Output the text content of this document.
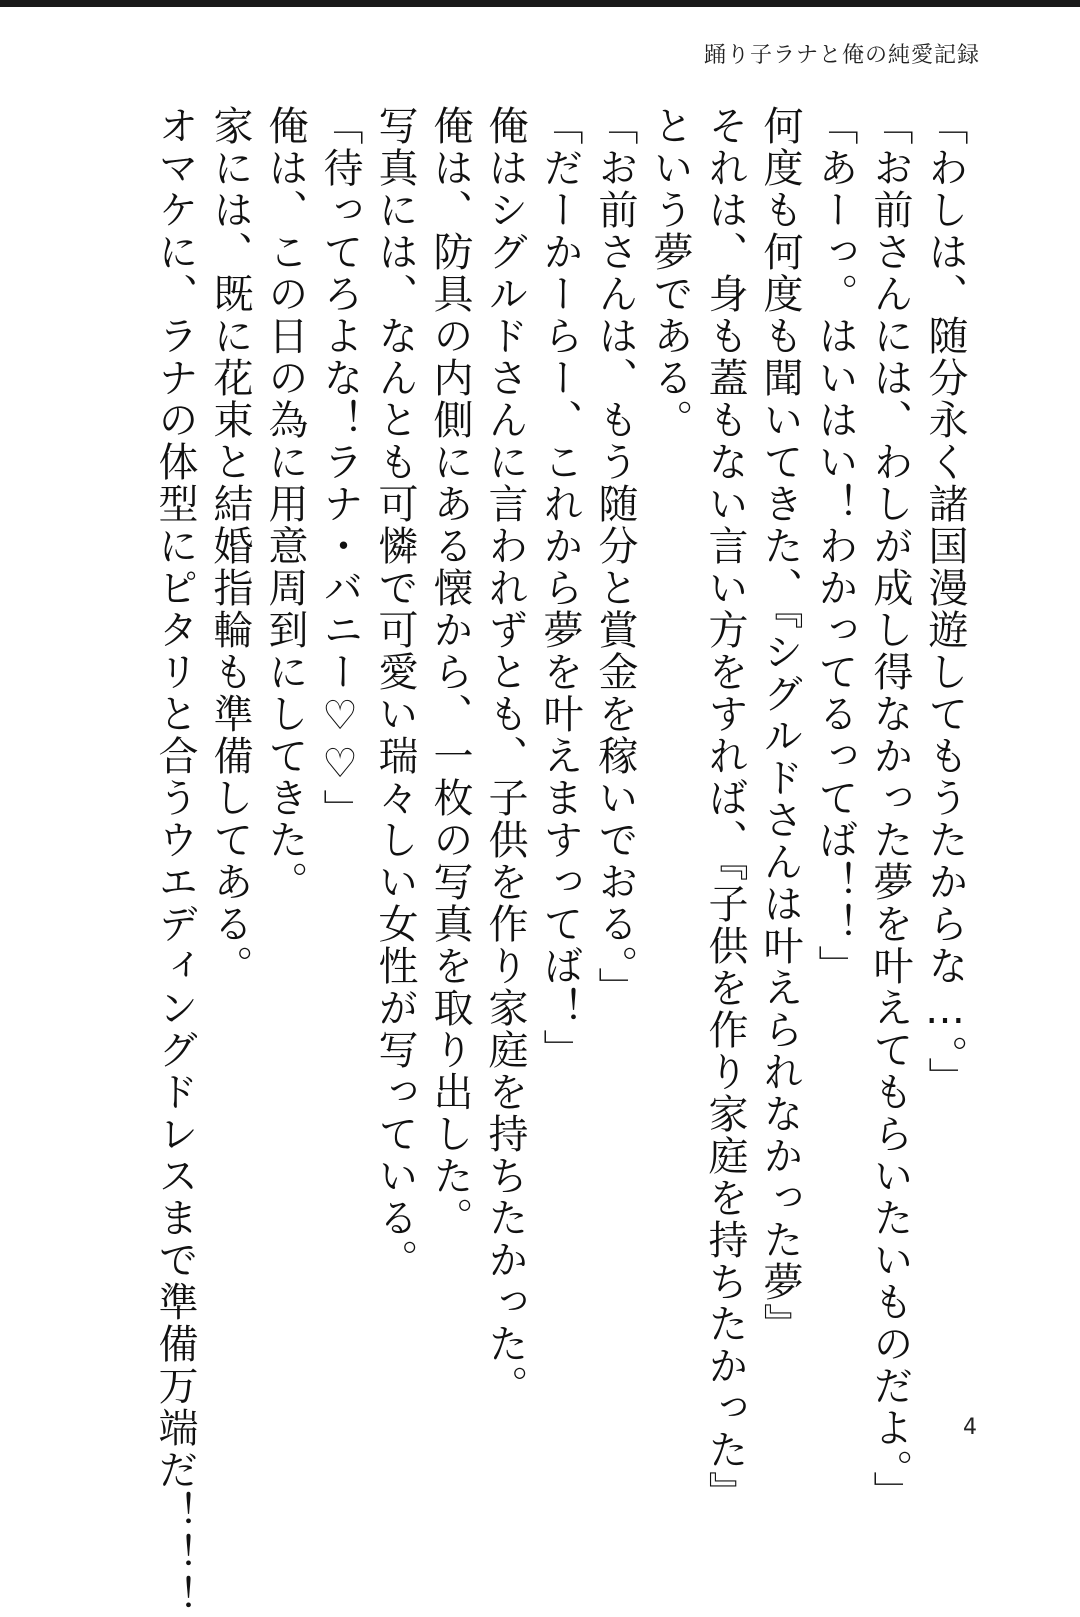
踊り子ラナと俺の純愛記録
「わしは、随分永く諸国漫遊してもうたからな…。」
「お前さんには、わしが成し得なかった夢を叶えてもらいたいものだよ。」
「あーっ。はいはい！わかってるってば！！」
何度も何度も聞いてきた、『シグルドさんは叶えられなかった夢』
それは、身も蓋もない言い方をすれば、『子供を作り家庭を持ちたかった』
という夢である。
「お前さんは、もう随分と賞金を稼いでおる。」
「だーかーらー、これから夢を叶えますってば！」
俺はシグルドさんに言われずとも、子供を作り家庭を持ちたかった。
俺は、防具の内側にある懐から、一枚の写真を取り出した。
写真には、なんとも可憐で可愛い瑞々しい女性が写っている。
「待ってろよな！ラナ・バニー♡♡」
俺は、この日の為に用意周到にしてきた。
家には、既に花束と結婚指輪も準備してある。
オマケに、ラナの体型にピタリと合うウエディングドレスまで準備万端だ！！！	4
